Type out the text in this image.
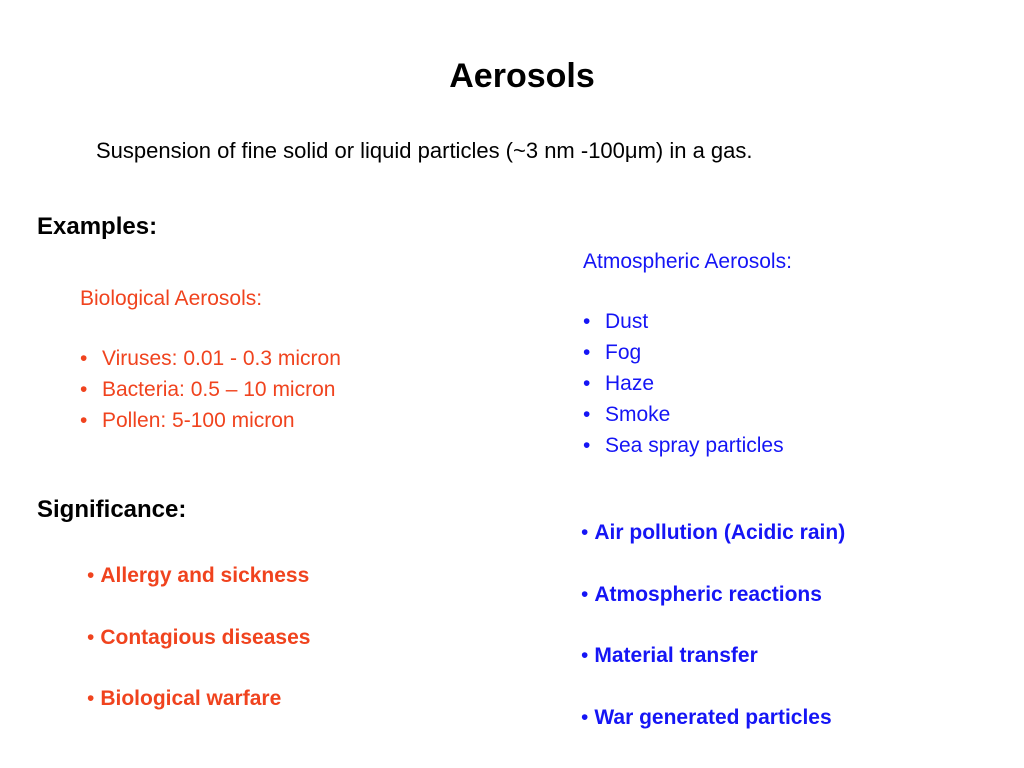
Aerosols
Suspension of fine solid or liquid particles (~3 nm -100μm) in a gas.
Examples:
Biological Aerosols:
• Viruses: 0.01 - 0.3 micron
• Bacteria: 0.5 – 10 micron
• Pollen: 5-100 micron
Atmospheric Aerosols:
• Dust
• Fog
• Haze
• Smoke
• Sea spray particles
Significance:
• Allergy and sickness
• Contagious diseases
• Biological warfare
• Air pollution (Acidic rain)
• Atmospheric reactions
• Material transfer
• War generated particles
